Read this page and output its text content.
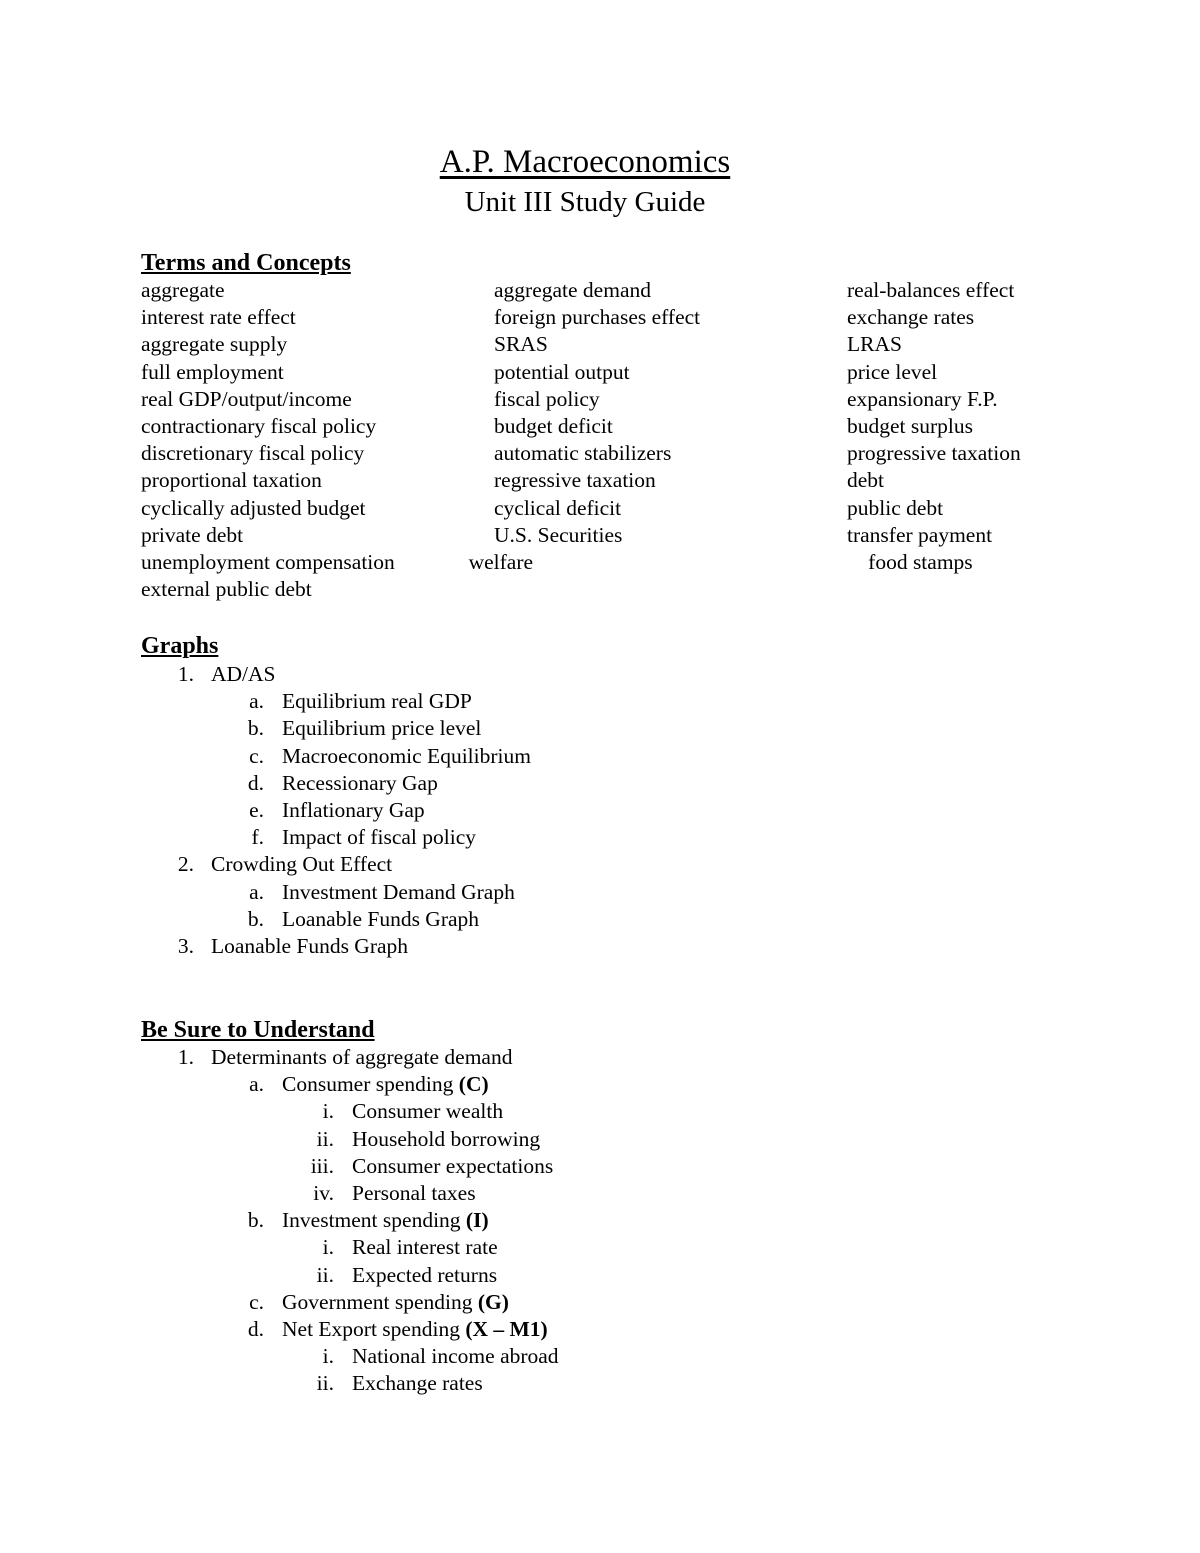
A.P. Macroeconomics
Unit III Study Guide
Terms and Concepts
aggregate	aggregate demand	real-balances effect
interest rate effect	foreign purchases effect	exchange rates
aggregate supply	SRAS	LRAS
full employment	potential output	price level
real GDP/output/income	fiscal policy	expansionary F.P.
contractionary fiscal policy	budget deficit	budget surplus
discretionary fiscal policy	automatic stabilizers	progressive taxation
proportional taxation	regressive taxation	debt
cyclically adjusted budget	cyclical deficit	public debt
private debt	U.S. Securities	transfer payment
unemployment compensation	welfare	food stamps
external public debt
Graphs
1. AD/AS
a. Equilibrium real GDP
b. Equilibrium price level
c. Macroeconomic Equilibrium
d. Recessionary Gap
e. Inflationary Gap
f. Impact of fiscal policy
2. Crowding Out Effect
a. Investment Demand Graph
b. Loanable Funds Graph
3. Loanable Funds Graph
Be Sure to Understand
1. Determinants of aggregate demand
a. Consumer spending (C)
i. Consumer wealth
ii. Household borrowing
iii. Consumer expectations
iv. Personal taxes
b. Investment spending (I)
i. Real interest rate
ii. Expected returns
c. Government spending (G)
d. Net Export spending (X – M1)
i. National income abroad
ii. Exchange rates
